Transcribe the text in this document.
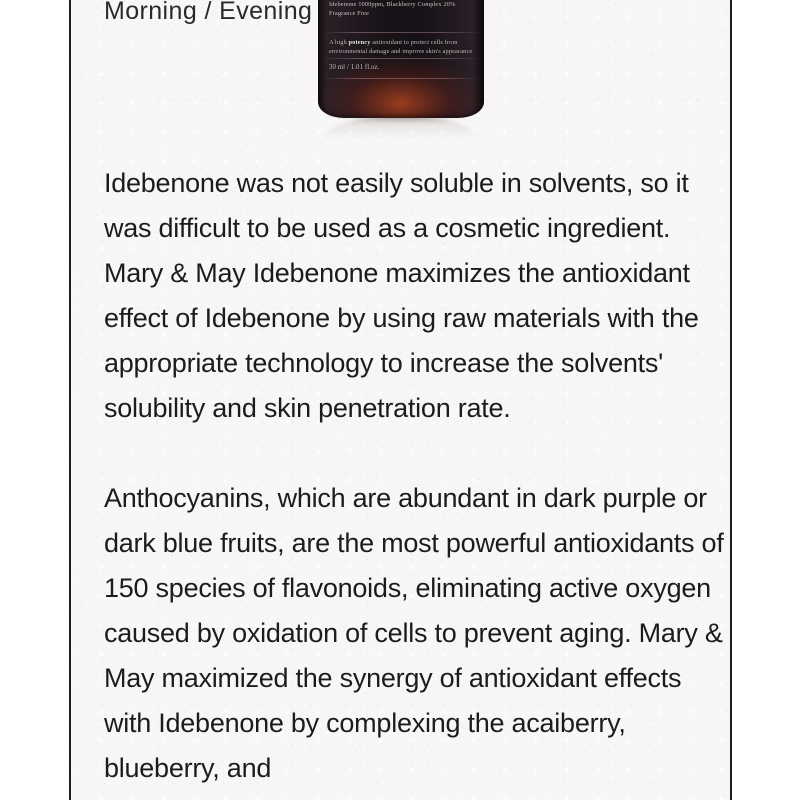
Morning / Evening	Idebenone 1000ppm, Blackberry Complex 20% Fragrance Free
A high potency antioxidant to protect cells from environmental damage and improve skin's appearance
30 ml / 1.01 fl.oz.

Idebenone was not easily soluble in solvents, so it was difficult to be used as a cosmetic ingredient. Mary & May Idebenone maximizes the antioxidant effect of Idebenone by using raw materials with the appropriate technology to increase the solvents' solubility and skin penetration rate.

Anthocyanins, which are abundant in dark purple or dark blue fruits, are the most powerful antioxidants of 150 species of flavonoids, eliminating active oxygen caused by oxidation of cells to prevent aging. Mary & May maximized the synergy of antioxidant effects with Idebenone by complexing the acaiberry, blueberry, and
